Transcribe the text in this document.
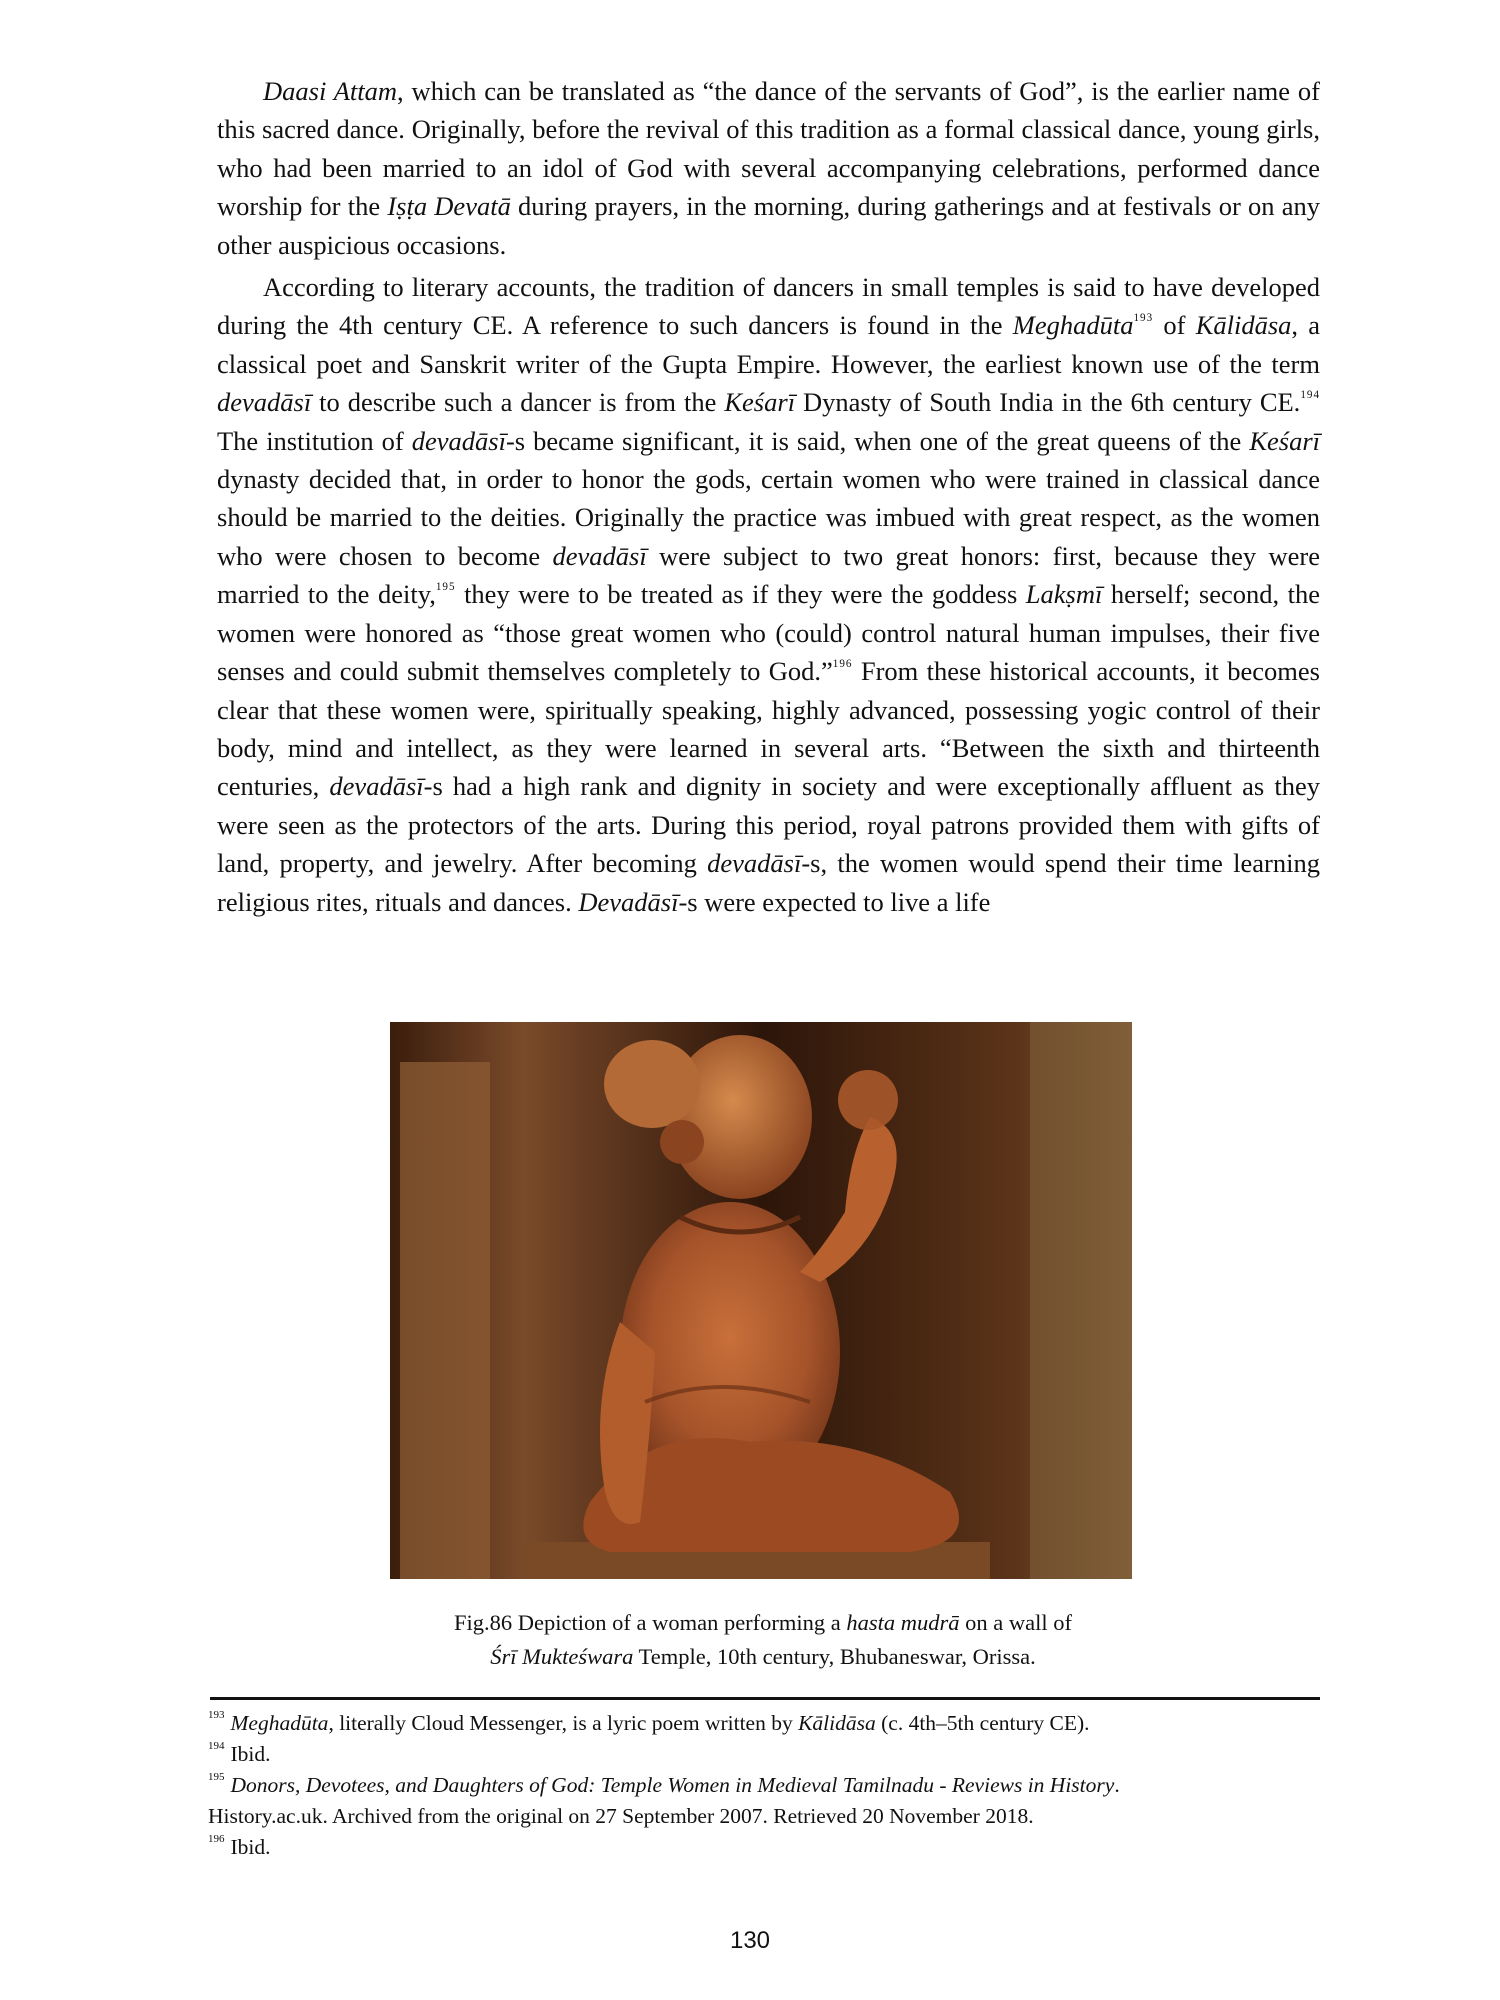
Daasi Attam, which can be translated as “the dance of the servants of God”, is the earlier name of this sacred dance. Originally, before the revival of this tradition as a formal classical dance, young girls, who had been married to an idol of God with several accompanying celebrations, performed dance worship for the Iṣṭa Devatā during prayers, in the morning, during gatherings and at festivals or on any other auspicious occasions.

According to literary accounts, the tradition of dancers in small temples is said to have developed during the 4th century CE. A reference to such dancers is found in the Meghadūta$^{193}$ of Kālidāsa, a classical poet and Sanskrit writer of the Gupta Empire. However, the earliest known use of the term devadāsī to describe such a dancer is from the Keśarī Dynasty of South India in the 6th century CE.$^{194}$ The institution of devadāsī-s became significant, it is said, when one of the great queens of the Keśarī dynasty decided that, in order to honor the gods, certain women who were trained in classical dance should be married to the deities. Originally the practice was imbued with great respect, as the women who were chosen to become devadāsī were subject to two great honors: first, because they were married to the deity,$^{195}$ they were to be treated as if they were the goddess Lakṣmī herself; second, the women were honored as “those great women who (could) control natural human impulses, their five senses and could submit themselves completely to God.”$^{196}$ From these historical accounts, it becomes clear that these women were, spiritually speaking, highly advanced, possessing yogic control of their body, mind and intellect, as they were learned in several arts. “Between the sixth and thirteenth centuries, devadāsī-s had a high rank and dignity in society and were exceptionally affluent as they were seen as the protectors of the arts. During this period, royal patrons provided them with gifts of land, property, and jewelry. After becoming devadāsī-s, the women would spend their time learning religious rites, rituals and dances. Devadāsī-s were expected to live a life

Fig.86 Depiction of a woman performing a hasta mudrā on a wall of
Śrī Mukteśwara Temple, 10th century, Bhubaneswar, Orissa.
193 Meghadūta, literally Cloud Messenger, is a lyric poem written by Kālidāsa (c. 4th–5th century CE).
194 Ibid.
195 Donors, Devotees, and Daughters of God: Temple Women in Medieval Tamilnadu - Reviews in History.
History.ac.uk. Archived from the original on 27 September 2007. Retrieved 20 November 2018.
196 Ibid.
130
